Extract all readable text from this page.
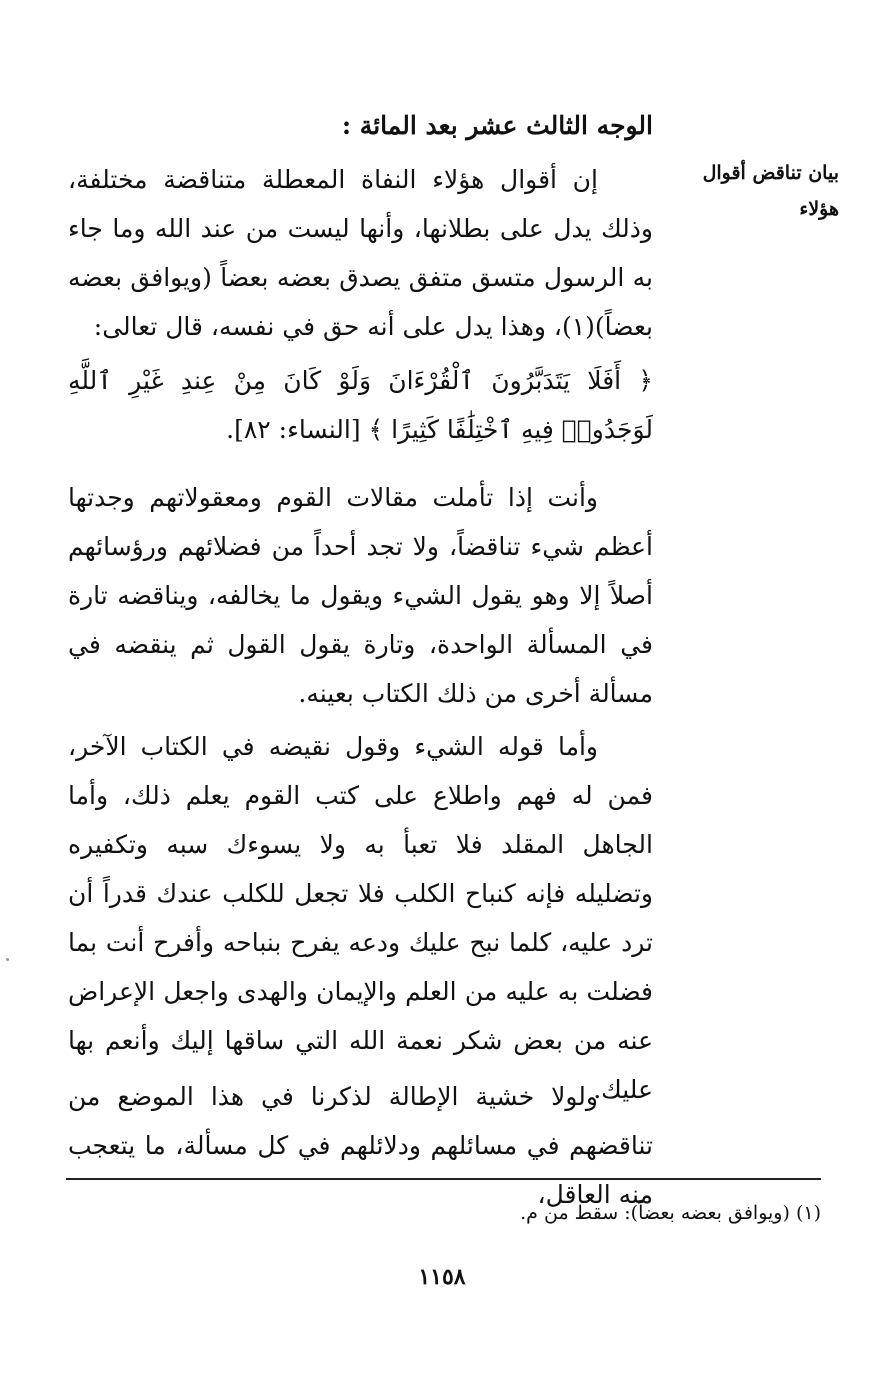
الوجه الثالث عشر بعد المائة :
بيان تناقض أقوال هؤلاء
إن أقوال هؤلاء النفاة المعطلة متناقضة مختلفة، وذلك يدل على بطلانها، وأنها ليست من عند الله وما جاء به الرسول متسق متفق يصدق بعضه بعضاً (ويوافق بعضه بعضاً)(١)، وهذا يدل على أنه حق في نفسه، قال تعالى:
﴿ أَفَلَا يَتَدَبَّرُونَ ٱلْقُرْءَانَ وَلَوْ كَانَ مِنْ عِندِ غَيْرِ ٱللَّهِ لَوَجَدُوا۟ فِيهِ ٱخْتِلَٰفًا كَثِيرًا ﴾ [النساء: ٨٢].
وأنت إذا تأملت مقالات القوم ومعقولاتهم وجدتها أعظم شيء تناقضاً، ولا تجد أحداً من فضلائهم ورؤسائهم أصلاً إلا وهو يقول الشيء ويقول ما يخالفه، ويناقضه تارة في المسألة الواحدة، وتارة يقول القول ثم ينقضه في مسألة أخرى من ذلك الكتاب بعينه.
وأما قوله الشيء وقول نقيضه في الكتاب الآخر، فمن له فهم واطلاع على كتب القوم يعلم ذلك، وأما الجاهل المقلد فلا تعبأ به ولا يسوءك سبه وتكفيره وتضليله فإنه كنباح الكلب فلا تجعل للكلب عندك قدراً أن ترد عليه، كلما نبح عليك ودعه يفرح بنباحه وأفرح أنت بما فضلت به عليه من العلم والإيمان والهدى واجعل الإعراض عنه من بعض شكر نعمة الله التي ساقها إليك وأنعم بها عليك.
ولولا خشية الإطالة لذكرنا في هذا الموضع من تناقضهم في مسائلهم ودلائلهم في كل مسألة، ما يتعجب منه العاقل،
(١) (ويوافق بعضه بعضاً): سقط من م.
١١٥٨
